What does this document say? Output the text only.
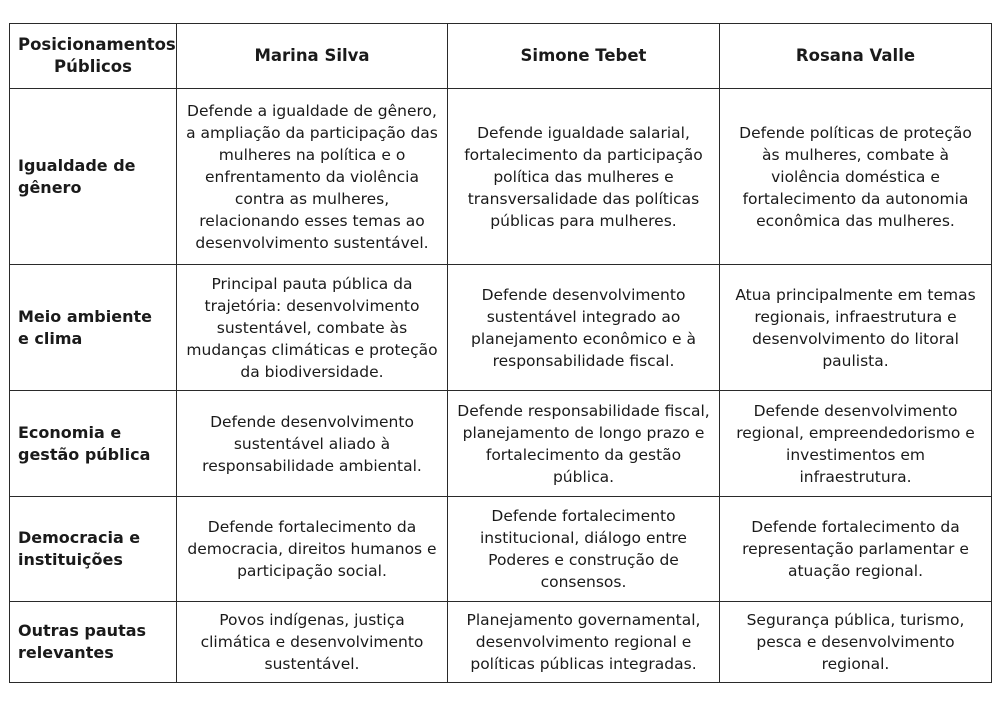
Posicionamentos Públicos	Marina Silva	Simone Tebet	Rosana Valle
Igualdade de gênero	Defende a igualdade de gênero, a ampliação da participação das mulheres na política e o enfrentamento da violência contra as mulheres, relacionando esses temas ao desenvolvimento sustentável.	Defende igualdade salarial, fortalecimento da participação política das mulheres e transversalidade das políticas públicas para mulheres.	Defende políticas de proteção às mulheres, combate à violência doméstica e fortalecimento da autonomia econômica das mulheres.
Meio ambiente e clima	Principal pauta pública da trajetória: desenvolvimento sustentável, combate às mudanças climáticas e proteção da biodiversidade.	Defende desenvolvimento sustentável integrado ao planejamento econômico e à responsabilidade fiscal.	Atua principalmente em temas regionais, infraestrutura e desenvolvimento do litoral paulista.
Economia e gestão pública	Defende desenvolvimento sustentável aliado à responsabilidade ambiental.	Defende responsabilidade fiscal, planejamento de longo prazo e fortalecimento da gestão pública.	Defende desenvolvimento regional, empreendedorismo e investimentos em infraestrutura.
Democracia e instituições	Defende fortalecimento da democracia, direitos humanos e participação social.	Defende fortalecimento institucional, diálogo entre Poderes e construção de consensos.	Defende fortalecimento da representação parlamentar e atuação regional.
Outras pautas relevantes	Povos indígenas, justiça climática e desenvolvimento sustentável.	Planejamento governamental, desenvolvimento regional e políticas públicas integradas.	Segurança pública, turismo, pesca e desenvolvimento regional.
